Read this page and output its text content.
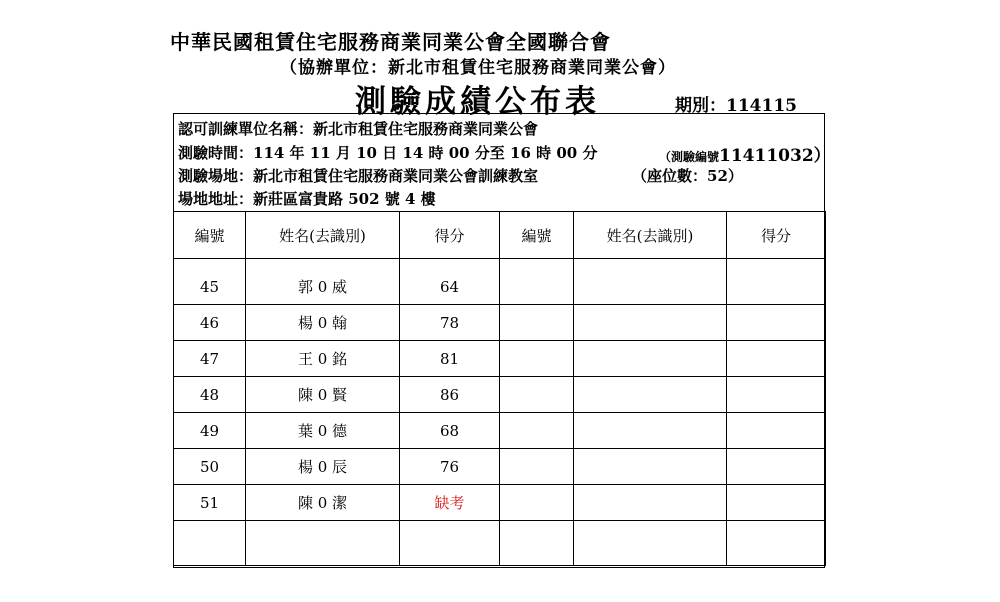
中華民國租賃住宅服務商業同業公會全國聯合會
（協辦單位：新北市租賃住宅服務商業同業公會）
測驗成績公布表	期別：114115
認可訓練單位名稱：新北市租賃住宅服務商業同業公會
測驗時間：114 年 11 月 10 日 14 時 00 分至 16 時 00 分	（測驗編號11411032）
測驗場地：新北市租賃住宅服務商業同業公會訓練教室	（座位數：52）
場地地址：新莊區富貴路 502 號 4 樓
編號	姓名(去識別)	得分	編號	姓名(去識別)	得分

45	郭 0 威	64			
46	楊 0 翰	78			
47	王 0 銘	81			
48	陳 0 賢	86			
49	葉 0 德	68			
50	楊 0 辰	76			
51	陳 0 潔	缺考			
